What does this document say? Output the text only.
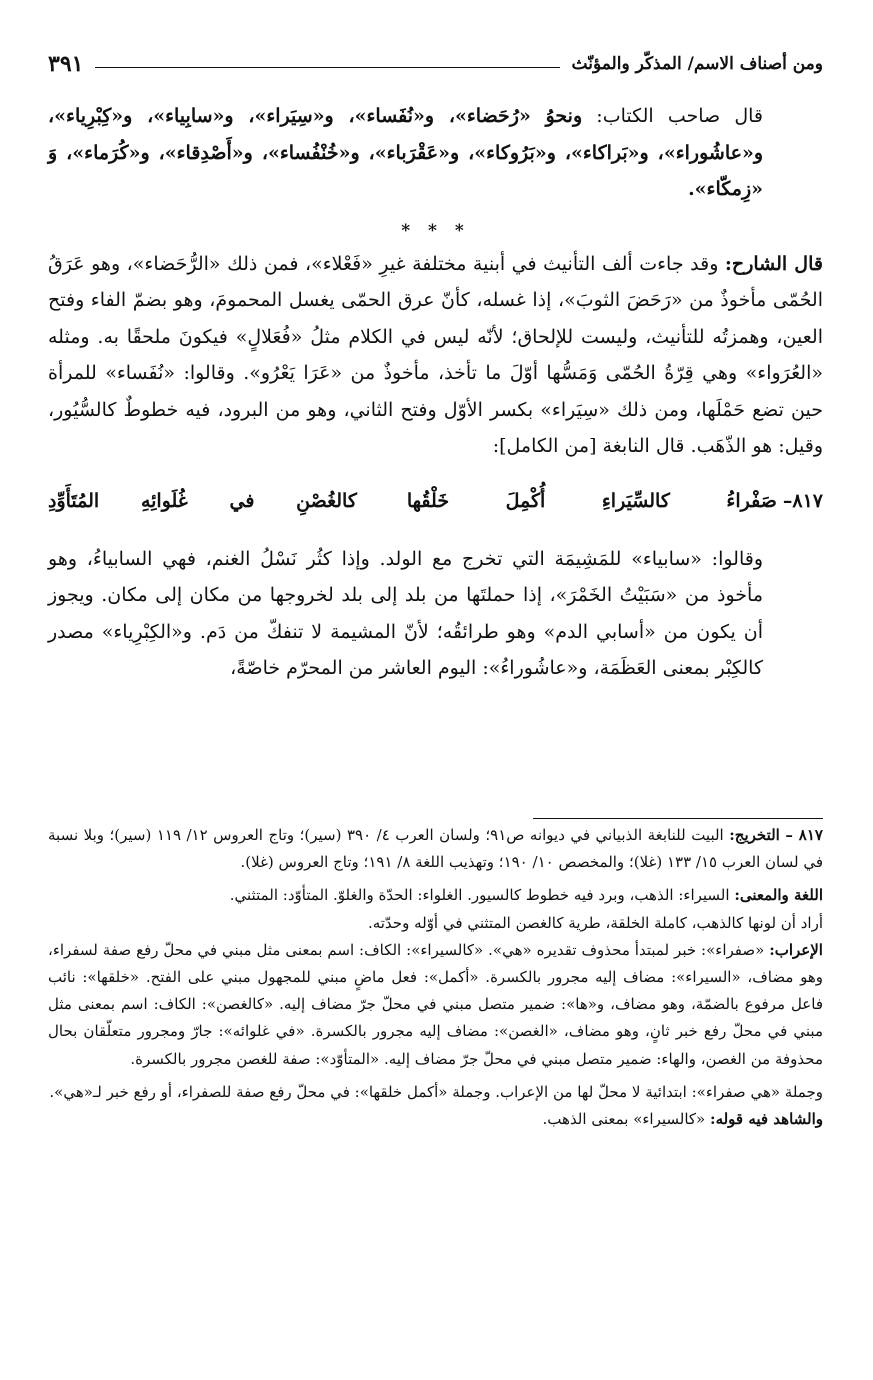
ومن أصناف الاسم/ المذكّر والمؤنّث
٣٩١

قال صاحب الكتاب: ونحوُ «رُحَضاء»، و«نُفَساء»، و«سِيَراء»، و«سابِياء»، و«كِبْرِياء»، و«عاشُوراء»، و«بَراكاء»، و«بَرُوكاء»، و«عَقْرَباء»، و«خُنْفُساء»، و«أَصْدِقاء»، و«كُرَماء»، وَ «زِمكّاء».

* * *

قال الشارح: وقد جاءت ألف التأنيث في أبنية مختلفة غيرِ «فَعْلاء»، فمن ذلك «الرُّحَضاء»، وهو عَرَقُ الحُمّى مأخوذٌ من «رَحَضَ الثوبَ»، إذا غسله، كأنّ عرق الحمّى يغسل المحمومَ، وهو بضمّ الفاء وفتح العين، وهمزتُه للتأنيث، وليست للإلحاق؛ لأنّه ليس في الكلام مثلُ «فُعَلالٍ» فيكونَ ملحقًا به. ومثله «العُرَواء» وهي قِرّةُ الحُمّى وَمَسُّها أوّلَ ما تأخذ، مأخوذٌ من «عَرَا يَعْرُو». وقالوا: «نُفَساء» للمرأة حين تضع حَمْلَها، ومن ذلك «سِيَراء» بكسر الأوّل وفتح الثاني، وهو من البرود، فيه خطوطٌ كالسُّيُور، وقيل: هو الذّهَب. قال النابغة [من الكامل]:

٨١٧–
صَفْراءُ كالسِّيَراءِ أُكْمِلَ خَلْقُها
كالغُصْنِ في غُلَوائِهِ المُتَأَوِّدِ

وقالوا: «سابياء» للمَشِيمَة التي تخرج مع الولد. وإذا كثُر نَسْلُ الغنم، فهي السابياءُ، وهو مأخوذ من «سَبَيْتُ الخَمْرَ»، إذا حملتَها من بلد إلى بلد لخروجها من مكان إلى مكان. ويجوز أن يكون من «أسابي الدم» وهو طرائقُه؛ لأنّ المشيمة لا تنفكّ من دَم. و«الكِبْرِياء» مصدر كالكِبْر بمعنى العَظَمَة، و«عاشُوراءُ»: اليوم العاشر من المحرّم خاصّةً،

٨١٧ – التخريج: البيت للنابغة الذبياني في ديوانه ص٩١؛ ولسان العرب ٤/ ٣٩٠ (سير)؛ وتاج العروس ١٢/ ١١٩ (سير)؛ وبلا نسبة في لسان العرب ١٥/ ١٣٣ (غلا)؛ والمخصص ١٠/ ١٩٠؛ وتهذيب اللغة ٨/ ١٩١؛ وتاج العروس (غلا).

اللغة والمعنى: السيراء: الذهب، وبرد فيه خطوط كالسيور. الغلواء: الحدّة والغلوّ. المتأوّد: المتثني.

أراد أن لونها كالذهب، كاملة الخلقة، طرية كالغصن المتثني في أوّله وحدّته.

الإعراب: «صفراء»: خبر لمبتدأ محذوف تقديره «هي». «كالسيراء»: الكاف: اسم بمعنى مثل مبني في محلّ رفع صفة لسفراء، وهو مضاف، «السيراء»: مضاف إليه مجرور بالكسرة. «أكمل»: فعل ماضٍ مبني للمجهول مبني على الفتح. «خلقها»: نائب فاعل مرفوع بالضمّة، وهو مضاف، و«ها»: ضمير متصل مبني في محلّ جرّ مضاف إليه. «كالغصن»: الكاف: اسم بمعنى مثل مبني في محلّ رفع خبر ثانٍ، وهو مضاف، «الغصن»: مضاف إليه مجرور بالكسرة. «في غلوائه»: جارّ ومجرور متعلّقان بحال محذوفة من الغصن، والهاء: ضمير متصل مبني في محلّ جرّ مضاف إليه. «المتأوّد»: صفة للغصن مجرور بالكسرة.

وجملة «هي صفراء»: ابتدائية لا محلّ لها من الإعراب. وجملة «أكمل خلقها»: في محلّ رفع صفة للصفراء، أو رفع خبر لـ«هي».

والشاهد فيه قوله: «كالسيراء» بمعنى الذهب.
